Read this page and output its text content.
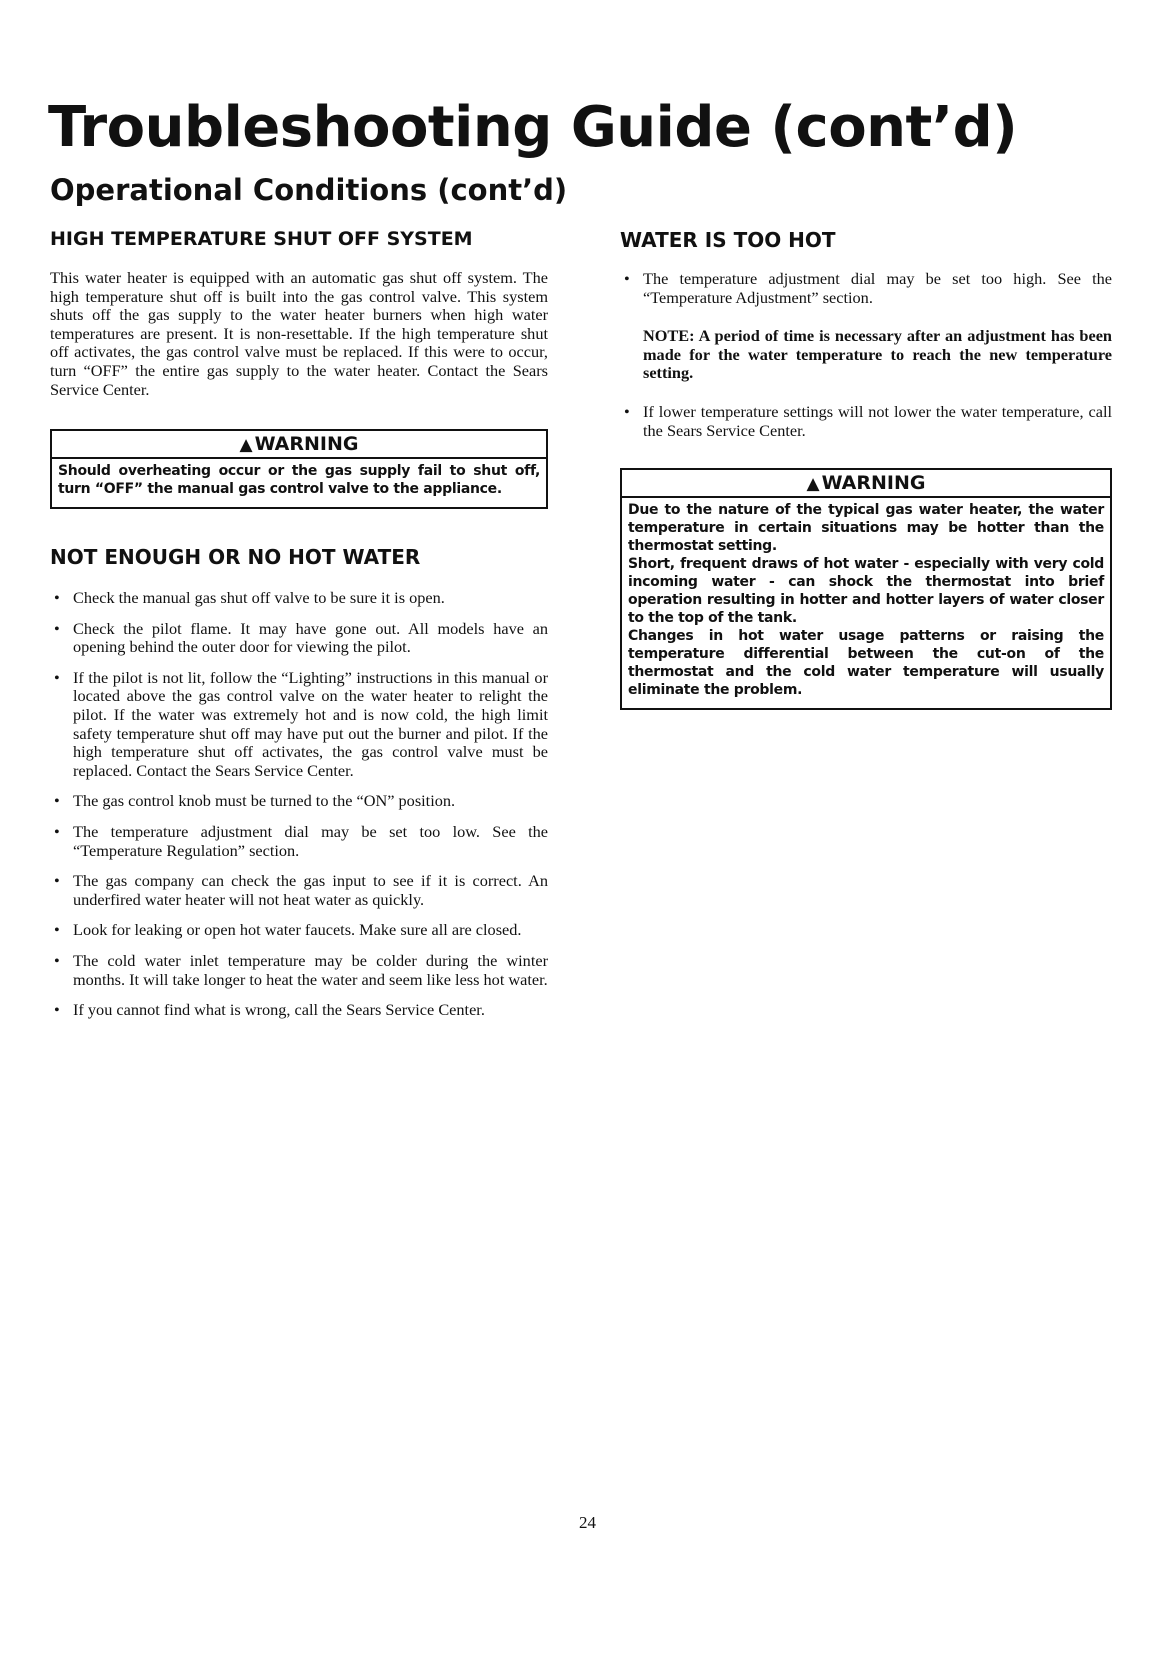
Troubleshooting Guide (cont’d)
Operational Conditions (cont’d)
HIGH TEMPERATURE SHUT OFF SYSTEM

This water heater is equipped with an automatic gas shut off system. The high temperature shut off is built into the gas control valve. This system shuts off the gas supply to the water heater burners when high water temperatures are present. It is non-resettable. If the high temperature shut off activates, the gas control valve must be replaced. If this were to occur, turn “OFF” the entire gas supply to the water heater. Contact the Sears Service Center.

▲ WARNING
Should overheating occur or the gas supply fail to shut off, turn “OFF” the manual gas control valve to the appliance.
NOT ENOUGH OR NO HOT WATER
• Check the manual gas shut off valve to be sure it is open.
• Check the pilot flame. It may have gone out. All models have an opening behind the outer door for viewing the pilot.
• If the pilot is not lit, follow the “Lighting” instructions in this manual or located above the gas control valve on the water heater to relight the pilot. If the water was extremely hot and is now cold, the high limit safety temperature shut off may have put out the burner and pilot. If the high temperature shut off activates, the gas control valve must be replaced. Contact the Sears Service Center.
• The gas control knob must be turned to the “ON” position.
• The temperature adjustment dial may be set too low. See the “Temperature Regulation” section.
• The gas company can check the gas input to see if it is correct. An underfired water heater will not heat water as quickly.
• Look for leaking or open hot water faucets. Make sure all are closed.
• The cold water inlet temperature may be colder during the winter months. It will take longer to heat the water and seem like less hot water.
• If you cannot find what is wrong, call the Sears Service Center.
WATER IS TOO HOT
• The temperature adjustment dial may be set too high. See the “Temperature Adjustment” section.

NOTE: A period of time is necessary after an adjustment has been made for the water temperature to reach the new temperature setting.

• If lower temperature settings will not lower the water temperature, call the Sears Service Center.
▲ WARNING
Due to the nature of the typical gas water heater, the water temperature in certain situations may be hotter than the thermostat setting.
Short, frequent draws of hot water - especially with very cold incoming water - can shock the thermostat into brief operation resulting in hotter and hotter layers of water closer to the top of the tank.
Changes in hot water usage patterns or raising the temperature differential between the cut-on of the thermostat and the cold water temperature will usually eliminate the problem.
24
